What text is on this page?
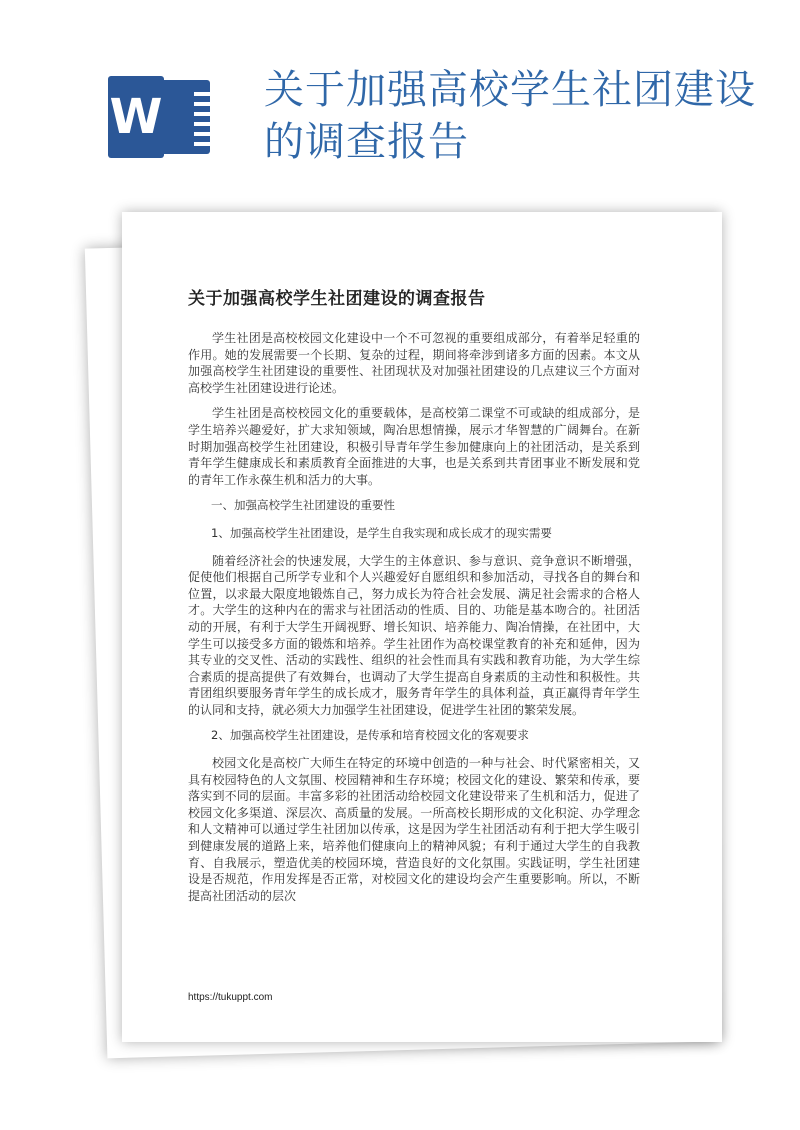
W	关于加强高校学生社团建设的调查报告
关于加强高校学生社团建设的调查报告

学生社团是高校校园文化建设中一个不可忽视的重要组成部分，有着举足轻重的作用。她的发展需要一个长期、复杂的过程，期间将牵涉到诸多方面的因素。本文从加强高校学生社团建设的重要性、社团现状及对加强社团建设的几点建议三个方面对高校学生社团建设进行论述。

学生社团是高校校园文化的重要载体，是高校第二课堂不可或缺的组成部分，是学生培养兴趣爱好，扩大求知领域，陶冶思想情操，展示才华智慧的广阔舞台。在新时期加强高校学生社团建设，积极引导青年学生参加健康向上的社团活动，是关系到青年学生健康成长和素质教育全面推进的大事，也是关系到共青团事业不断发展和党的青年工作永葆生机和活力的大事。

一、加强高校学生社团建设的重要性

1、加强高校学生社团建设，是学生自我实现和成长成才的现实需要

随着经济社会的快速发展，大学生的主体意识、参与意识、竞争意识不断增强，促使他们根据自己所学专业和个人兴趣爱好自愿组织和参加活动，寻找各自的舞台和位置，以求最大限度地锻炼自己，努力成长为符合社会发展、满足社会需求的合格人才。大学生的这种内在的需求与社团活动的性质、目的、功能是基本吻合的。社团活动的开展，有利于大学生开阔视野、增长知识、培养能力、陶冶情操，在社团中，大学生可以接受多方面的锻炼和培养。学生社团作为高校课堂教育的补充和延伸，因为其专业的交叉性、活动的实践性、组织的社会性而具有实践和教育功能，为大学生综合素质的提高提供了有效舞台，也调动了大学生提高自身素质的主动性和积极性。共青团组织要服务青年学生的成长成才，服务青年学生的具体利益，真正赢得青年学生的认同和支持，就必须大力加强学生社团建设，促进学生社团的繁荣发展。

2、加强高校学生社团建设，是传承和培育校园文化的客观要求

校园文化是高校广大师生在特定的环境中创造的一种与社会、时代紧密相关，又具有校园特色的人文氛围、校园精神和生存环境；校园文化的建设、繁荣和传承，要落实到不同的层面。丰富多彩的社团活动给校园文化建设带来了生机和活力，促进了校园文化多渠道、深层次、高质量的发展。一所高校长期形成的文化积淀、办学理念和人文精神可以通过学生社团加以传承，这是因为学生社团活动有利于把大学生吸引到健康发展的道路上来，培养他们健康向上的精神风貌；有利于通过大学生的自我教育、自我展示，塑造优美的校园环境，营造良好的文化氛围。实践证明，学生社团建设是否规范，作用发挥是否正常，对校园文化的建设均会产生重要影响。所以，不断提高社团活动的层次

https://tukuppt.com
